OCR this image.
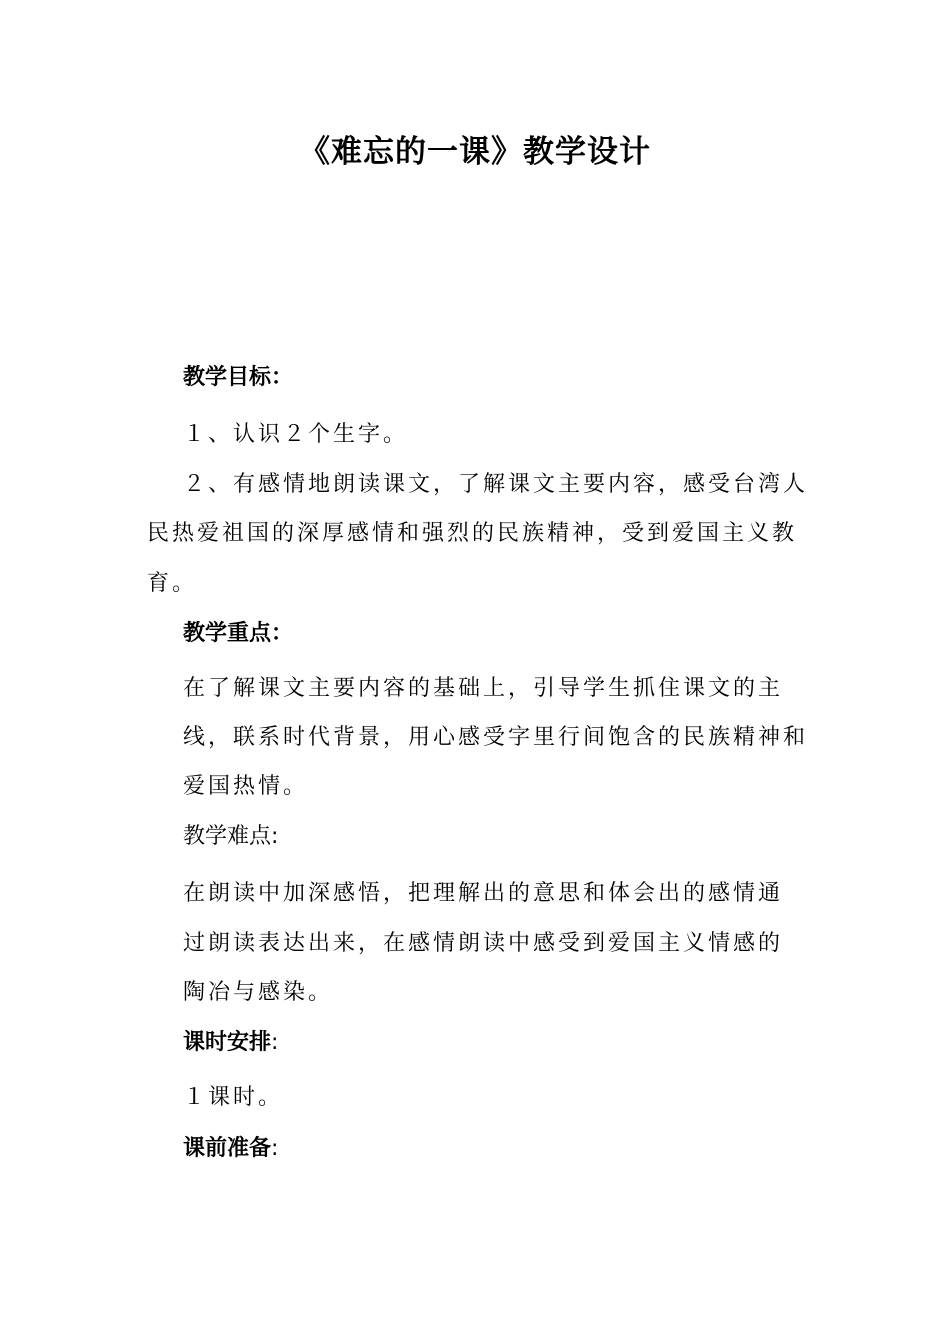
《难忘的一课》教学设计
教学目标：
１、认识２个生字。
２、有感情地朗读课文，了解课文主要内容，感受台湾人
民热爱祖国的深厚感情和强烈的民族精神，受到爱国主义教
育。
教学重点：
在了解课文主要内容的基础上，引导学生抓住课文的主
线，联系时代背景，用心感受字里行间饱含的民族精神和
爱国热情。
教学难点:
在朗读中加深感悟，把理解出的意思和体会出的感情通
过朗读表达出来，在感情朗读中感受到爱国主义情感的
陶冶与感染。
课时安排:
１课时。
课前准备:
